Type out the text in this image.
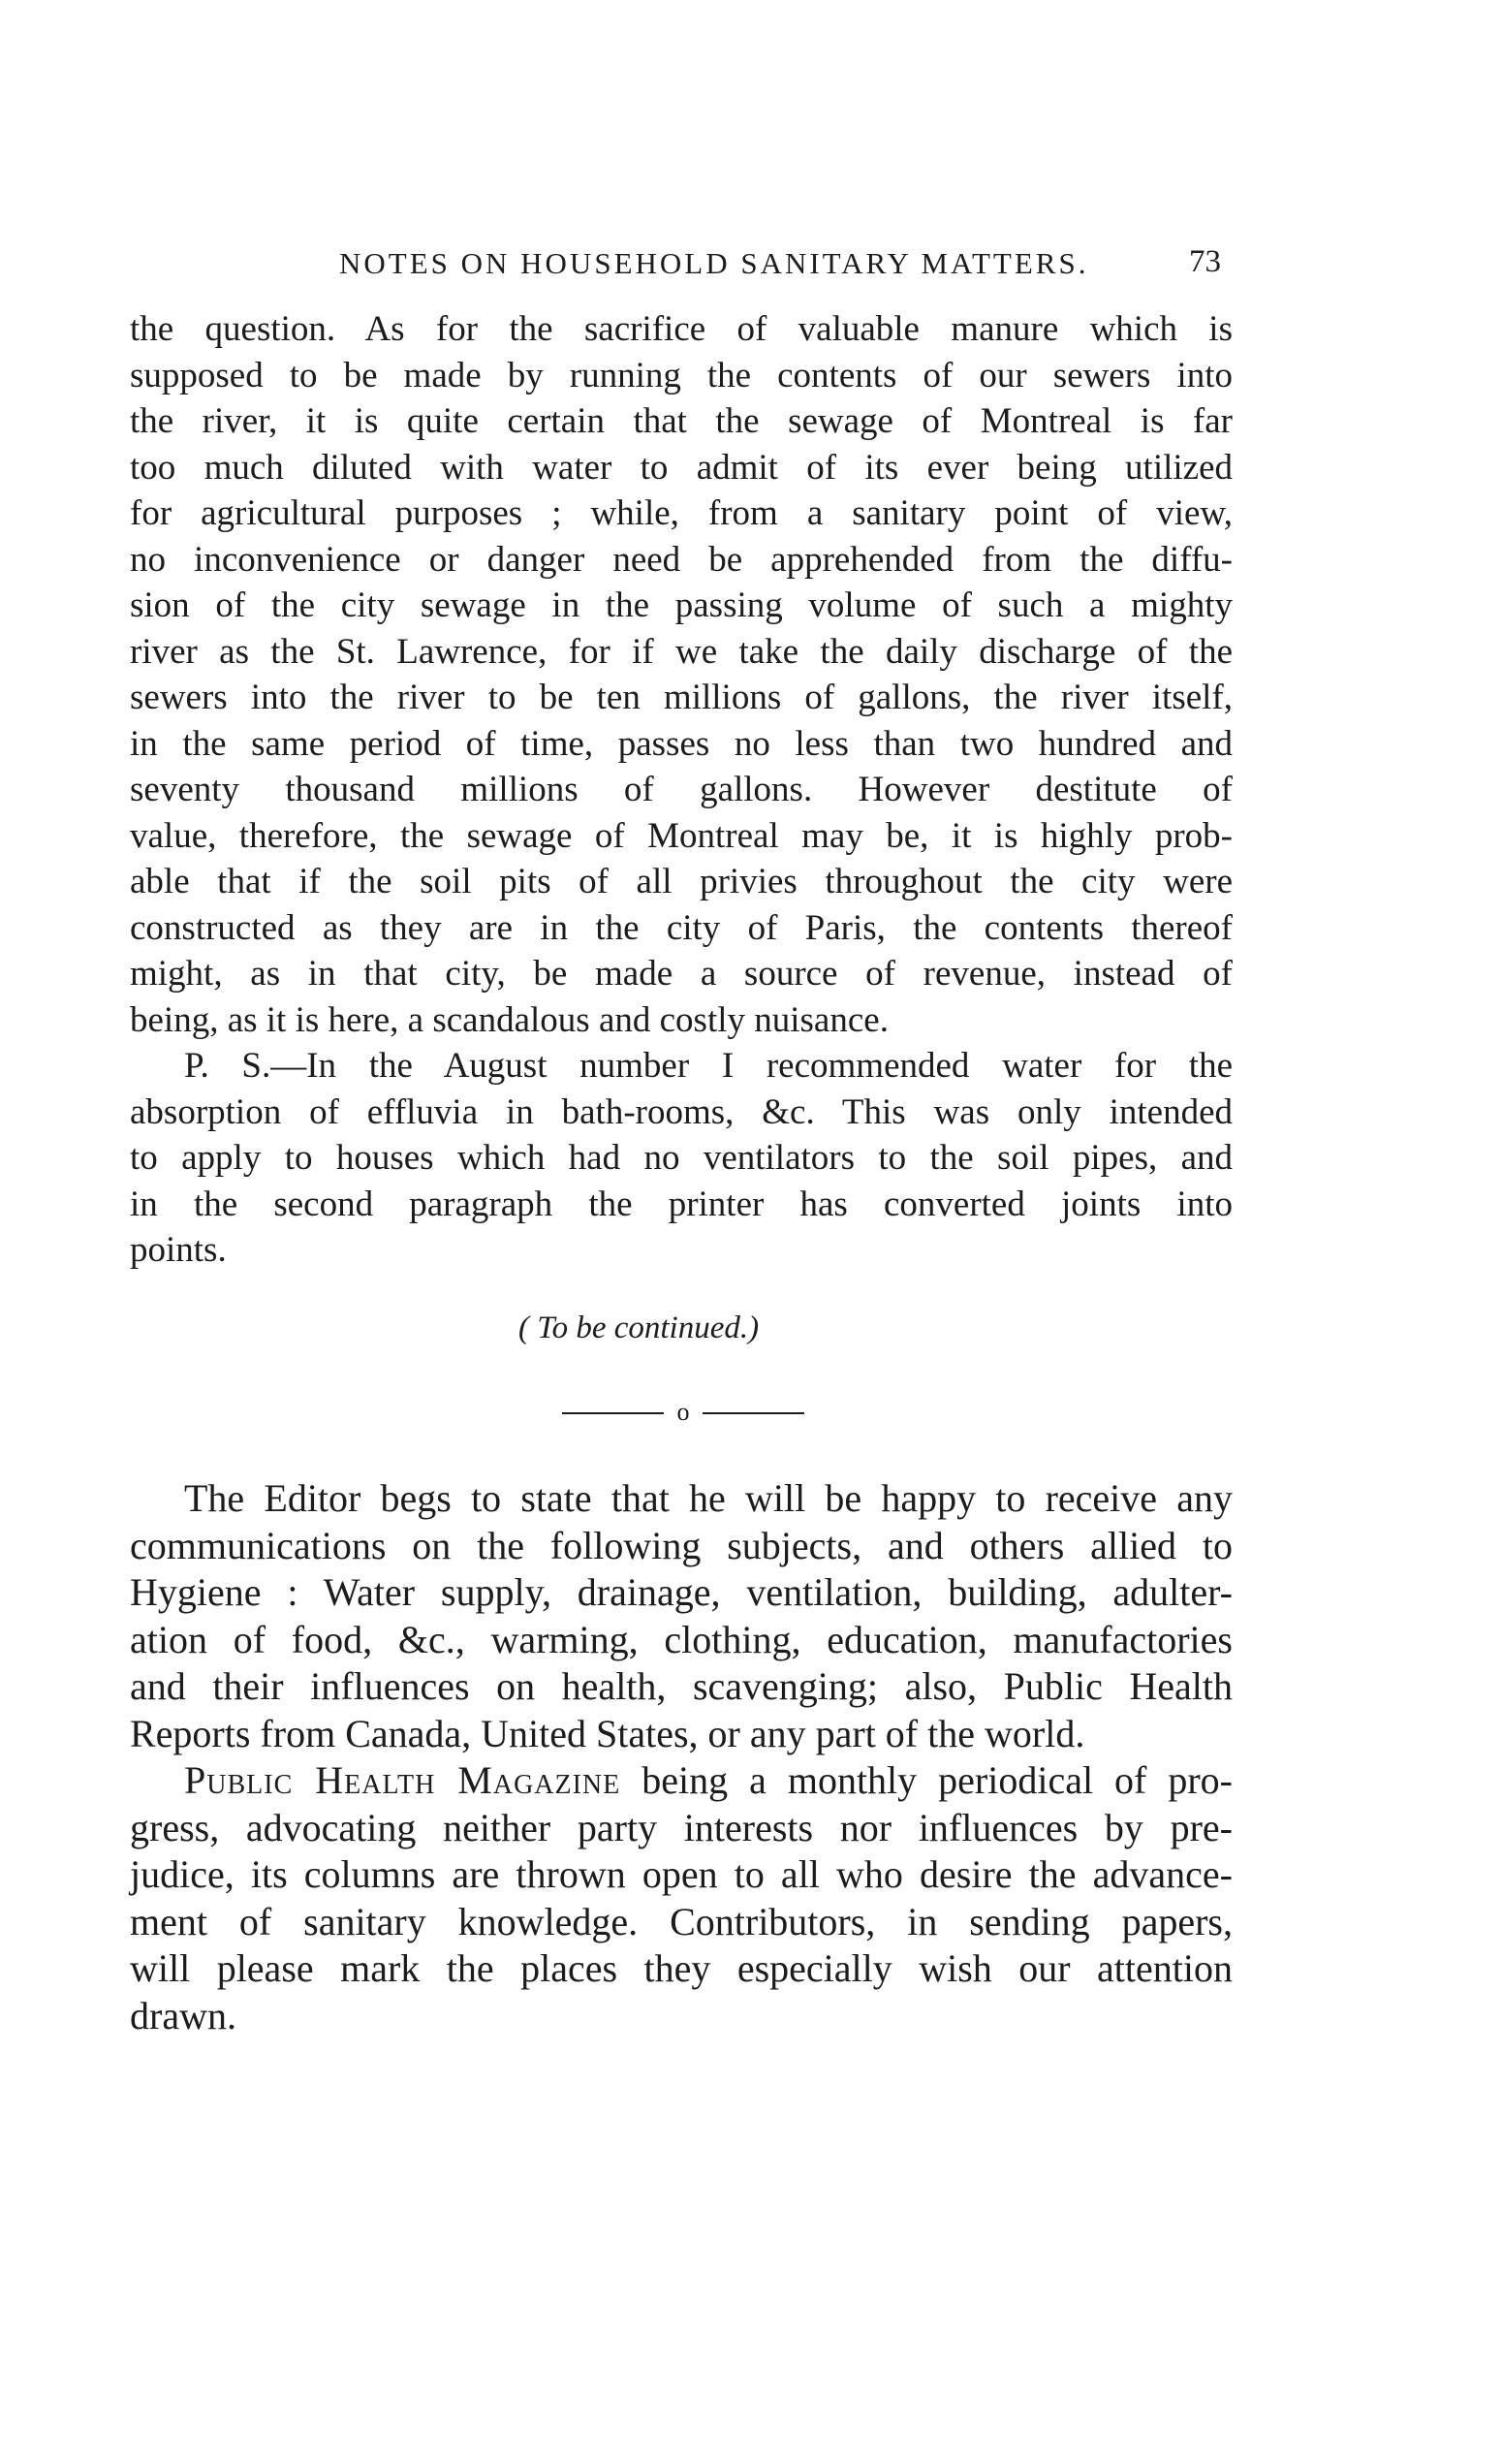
NOTES ON HOUSEHOLD SANITARY MATTERS.	73
the question. As for the sacrifice of valuable manure which is
supposed to be made by running the contents of our sewers into
the river, it is quite certain that the sewage of Montreal is far
too much diluted with water to admit of its ever being utilized
for agricultural purposes ; while, from a sanitary point of view,
no inconvenience or danger need be apprehended from the diffu-
sion of the city sewage in the passing volume of such a mighty
river as the St. Lawrence, for if we take the daily discharge of the
sewers into the river to be ten millions of gallons, the river itself,
in the same period of time, passes no less than two hundred and
seventy thousand millions of gallons. However destitute of
value, therefore, the sewage of Montreal may be, it is highly prob-
able that if the soil pits of all privies throughout the city were
constructed as they are in the city of Paris, the contents thereof
might, as in that city, be made a source of revenue, instead of
being, as it is here, a scandalous and costly nuisance.
P. S.—In the August number I recommended water for the
absorption of effluvia in bath-rooms, &c. This was only intended
to apply to houses which had no ventilators to the soil pipes, and
in the second paragraph the printer has converted joints into
points.
( To be continued.)
o
The Editor begs to state that he will be happy to receive any
communications on the following subjects, and others allied to
Hygiene : Water supply, drainage, ventilation, building, adulter-
ation of food, &c., warming, clothing, education, manufactories
and their influences on health, scavenging; also, Public Health
Reports from Canada, United States, or any part of the world.
Public Health Magazine being a monthly periodical of pro-
gress, advocating neither party interests nor influences by pre-
judice, its columns are thrown open to all who desire the advance-
ment of sanitary knowledge. Contributors, in sending papers,
will please mark the places they especially wish our attention
drawn.
